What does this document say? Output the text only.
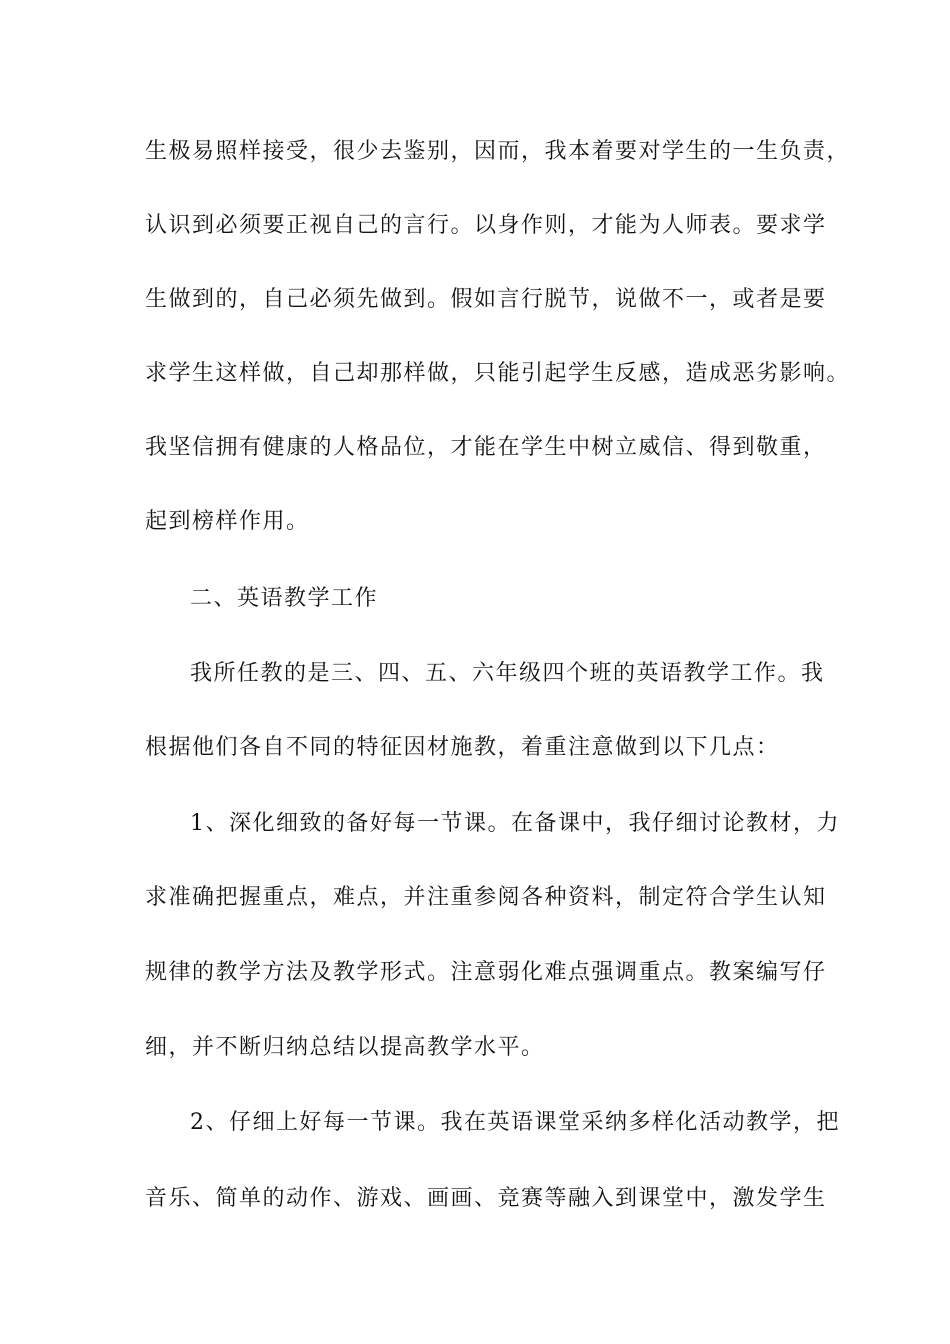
生极易照样接受，很少去鉴别，因而，我本着要对学生的一生负责，
认识到必须要正视自己的言行。以身作则，才能为人师表。要求学
生做到的，自己必须先做到。假如言行脱节，说做不一，或者是要
求学生这样做，自己却那样做，只能引起学生反感，造成恶劣影响。
我坚信拥有健康的人格品位，才能在学生中树立威信、得到敬重，
起到榜样作用。
二、英语教学工作
我所任教的是三、四、五、六年级四个班的英语教学工作。我
根据他们各自不同的特征因材施教，着重注意做到以下几点：
1、深化细致的备好每一节课。在备课中，我仔细讨论教材，力
求准确把握重点，难点，并注重参阅各种资料，制定符合学生认知
规律的教学方法及教学形式。注意弱化难点强调重点。教案编写仔
细，并不断归纳总结以提高教学水平。
2、仔细上好每一节课。我在英语课堂采纳多样化活动教学，把
音乐、简单的动作、游戏、画画、竞赛等融入到课堂中，激发学生
